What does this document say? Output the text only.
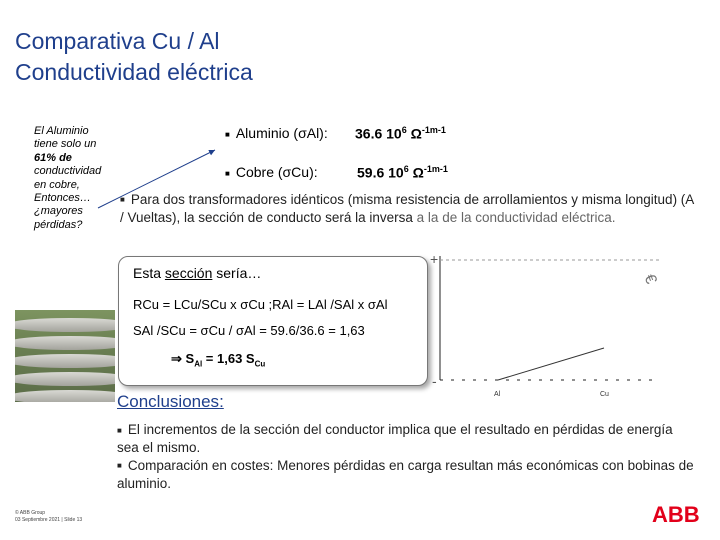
Comparativa Cu / Al
Conductividad eléctrica
El Aluminio
tiene solo un
61% de
conductividad
en cobre,
Entonces…
¿mayores
pérdidas?
■ Aluminio (σAl): 36.6 $10^6$ $\Omega^{-1m-1}$
■ Cobre (σCu):	59.6 $10^6$ $\Omega^{-1m-1}$
■ Para dos transformadores idénticos (misma resistencia de arrollamientos y misma longitud) (A / Vueltas), la sección de conducto será la inversa a la de la conductividad eléctrica.
Esta sección sería…
RCu = LCu/SCu x σCu ;RAl = LAl /SAl x σAl
SAl /SCu = σCu / σAl = 59.6/36.6 = 1,63
⇒ $S_{Al} = 1,63$ $S_{Cu}$
+
-
Al	Cu
€
Conclusiones:
■ El incrementos de la sección del conductor implica que el resultado en pérdidas de energía sea el mismo.
■ Comparación en costes: Menores pérdidas en carga resultan más económicas con bobinas de aluminio.
© ABB Group
03 Septiembre 2021 | Slide 13	ABB
